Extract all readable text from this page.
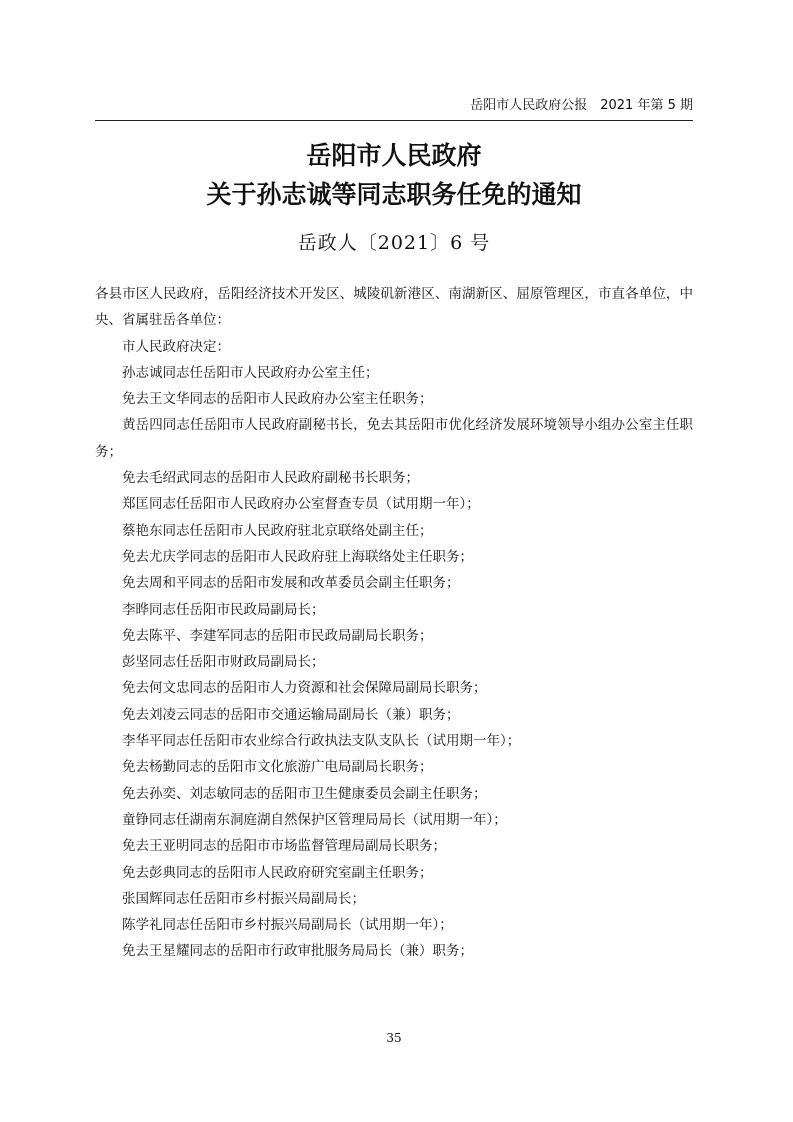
岳阳市人民政府公报　2021 年第 5 期
岳阳市人民政府
关于孙志诚等同志职务任免的通知
岳政人〔2021〕6 号

各县市区人民政府，岳阳经济技术开发区、城陵矶新港区、南湖新区、屈原管理区，市直各单位，中央、省属驻岳各单位：

市人民政府决定：

孙志诚同志任岳阳市人民政府办公室主任；

免去王文华同志的岳阳市人民政府办公室主任职务；

黄岳四同志任岳阳市人民政府副秘书长，免去其岳阳市优化经济发展环境领导小组办公室主任职务；

免去毛绍武同志的岳阳市人民政府副秘书长职务；

郑匡同志任岳阳市人民政府办公室督查专员（试用期一年）；

蔡艳东同志任岳阳市人民政府驻北京联络处副主任；

免去尤庆学同志的岳阳市人民政府驻上海联络处主任职务；

免去周和平同志的岳阳市发展和改革委员会副主任职务；

李晔同志任岳阳市民政局副局长；

免去陈平、李建军同志的岳阳市民政局副局长职务；

彭坚同志任岳阳市财政局副局长；

免去何文忠同志的岳阳市人力资源和社会保障局副局长职务；

免去刘凌云同志的岳阳市交通运输局副局长（兼）职务；

李华平同志任岳阳市农业综合行政执法支队支队长（试用期一年）；

免去杨勤同志的岳阳市文化旅游广电局副局长职务；

免去孙奕、刘志敏同志的岳阳市卫生健康委员会副主任职务；

童铮同志任湖南东洞庭湖自然保护区管理局局长（试用期一年）；

免去王亚明同志的岳阳市市场监督管理局副局长职务；

免去彭典同志的岳阳市人民政府研究室副主任职务；

张国辉同志任岳阳市乡村振兴局副局长；

陈学礼同志任岳阳市乡村振兴局副局长（试用期一年）；

免去王星耀同志的岳阳市行政审批服务局局长（兼）职务；

35
